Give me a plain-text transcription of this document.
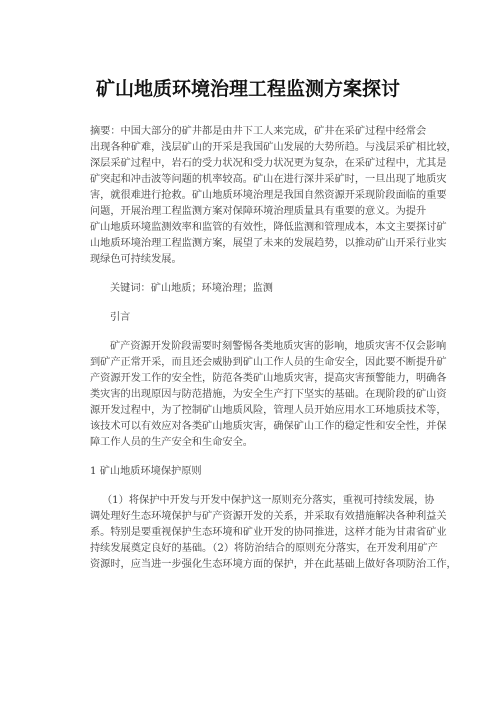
矿山地质环境治理工程监测方案探讨
摘要：中国大部分的矿井都是由井下工人来完成，矿井在采矿过程中经常会
出现各种矿难，浅层矿山的开采是我国矿山发展的大势所趋。与浅层采矿相比较，
深层采矿过程中，岩石的受力状况和受力状况更为复杂，在采矿过程中，尤其是
矿突起和冲击波等问题的机率较高。矿山在进行深井采矿时，一旦出现了地质灾
害，就很难进行抢救。矿山地质环境治理是我国自然资源开采现阶段面临的重要
问题，开展治理工程监测方案对保障环境治理质量具有重要的意义。为提升
矿山地质环境监测效率和监管的有效性，降低监测和管理成本，本文主要探讨矿
山地质环境治理工程监测方案，展望了未来的发展趋势，以推动矿山开采行业实
现绿色可持续发展。
关键词：矿山地质；环境治理；监测
引言
矿产资源开发阶段需要时刻警惕各类地质灾害的影响，地质灾害不仅会影响
到矿产正常开采，而且还会威胁到矿山工作人员的生命安全，因此要不断提升矿
产资源开发工作的安全性，防范各类矿山地质灾害，提高灾害预警能力，明确各
类灾害的出现原因与防范措施，为安全生产打下坚实的基础。在现阶段的矿山资
源开发过程中，为了控制矿山地质风险，管理人员开始应用水工环地质技术等，
该技术可以有效应对各类矿山地质灾害，确保矿山工作的稳定性和安全性，并保
障工作人员的生产安全和生命安全。
1 矿山地质环境保护原则
（1）将保护中开发与开发中保护这一原则充分落实，重视可持续发展，协
调处理好生态环境保护与矿产资源开发的关系，并采取有效措施解决各种利益关
系。特别是要重视保护生态环境和矿业开发的协同推进，这样才能为甘肃省矿业
持续发展奠定良好的基础。（2）将防治结合的原则充分落实，在开发利用矿产
资源时，应当进一步强化生态环境方面的保护，并在此基础上做好各项防治工作，
